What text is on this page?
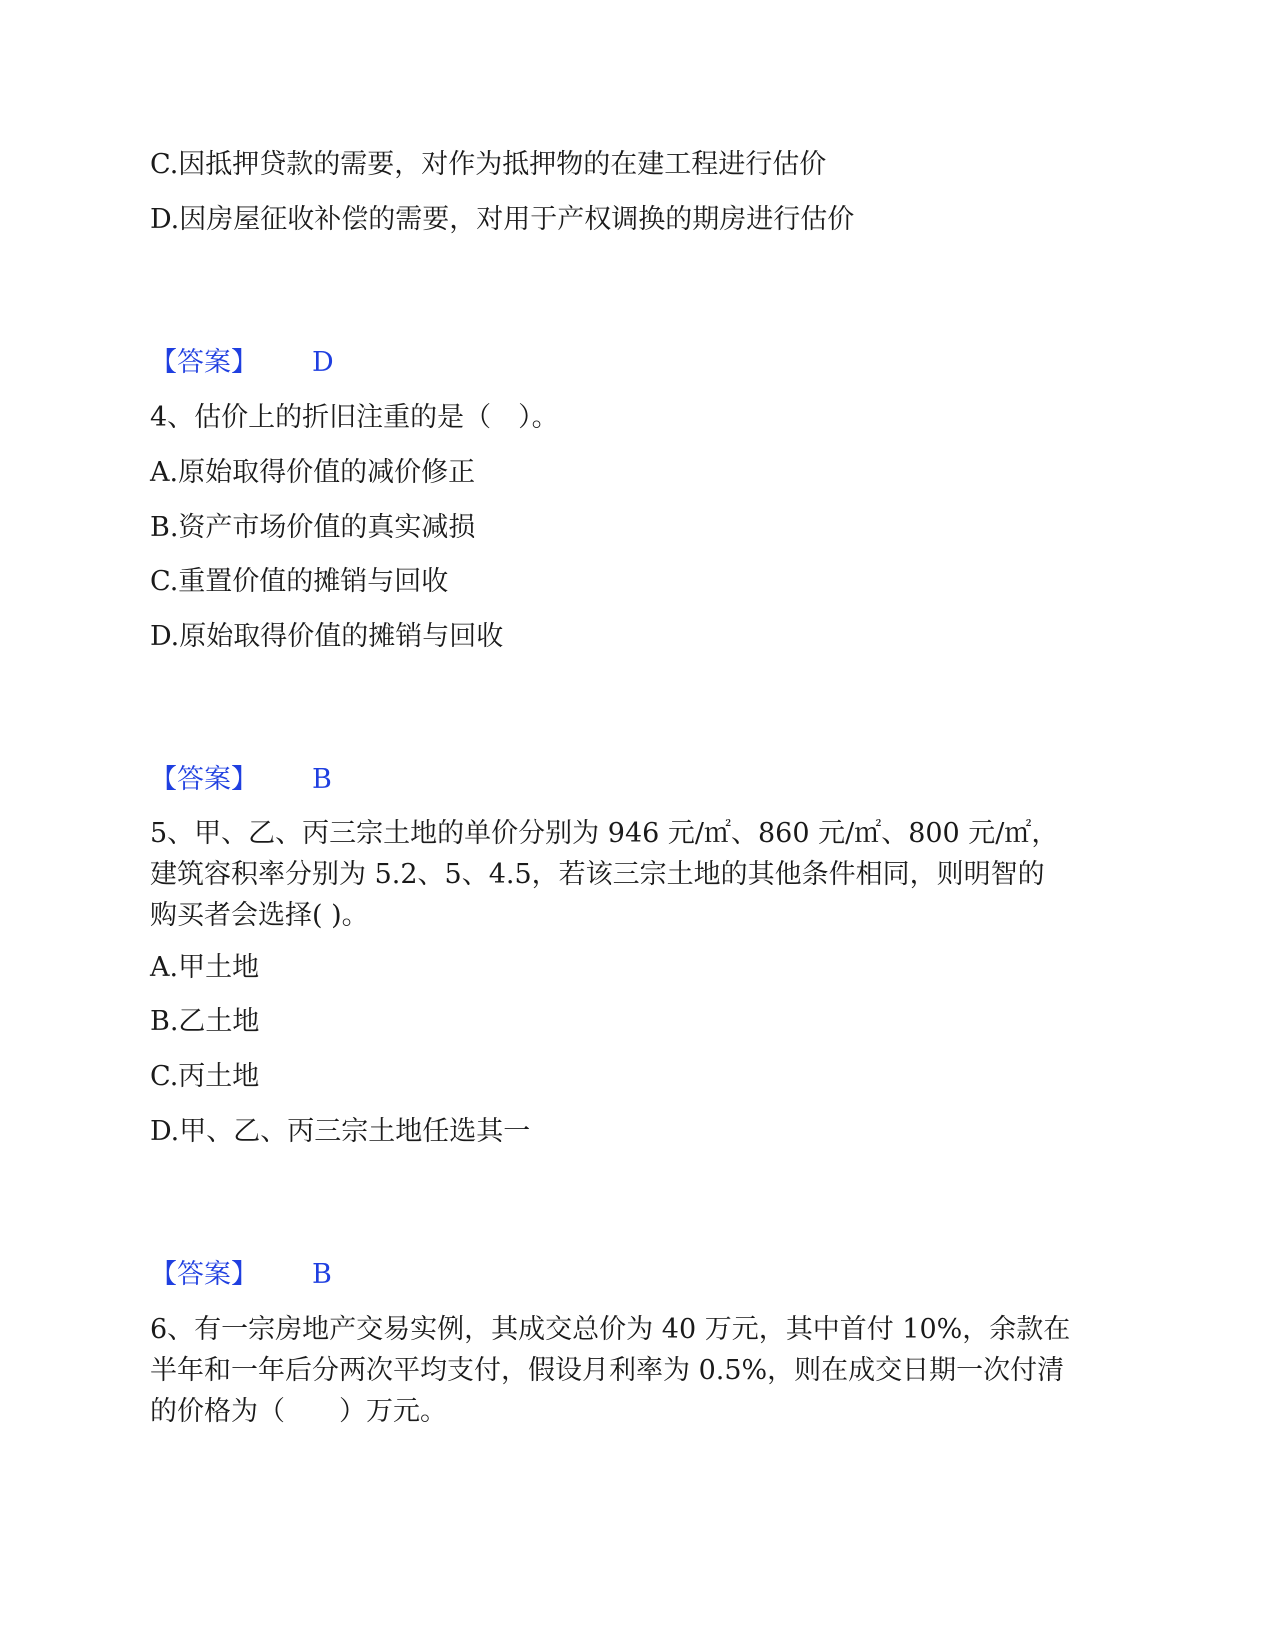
C.因抵押贷款的需要，对作为抵押物的在建工程进行估价
D.因房屋征收补偿的需要，对用于产权调换的期房进行估价
【答案】 D
4、估价上的折旧注重的是（　）。
A.原始取得价值的减价修正
B.资产市场价值的真实减损
C.重置价值的摊销与回收
D.原始取得价值的摊销与回收
【答案】 B
5、甲、乙、丙三宗土地的单价分别为 946 元/㎡、860 元/㎡、800 元/㎡，
建筑容积率分别为 5.2、5、4.5，若该三宗土地的其他条件相同，则明智的
购买者会选择( )。
A.甲土地
B.乙土地
C.丙土地
D.甲、乙、丙三宗土地任选其一
【答案】 B
6、有一宗房地产交易实例，其成交总价为 40 万元，其中首付 10%，余款在
半年和一年后分两次平均支付，假设月利率为 0.5%，则在成交日期一次付清
的价格为（　　）万元。
